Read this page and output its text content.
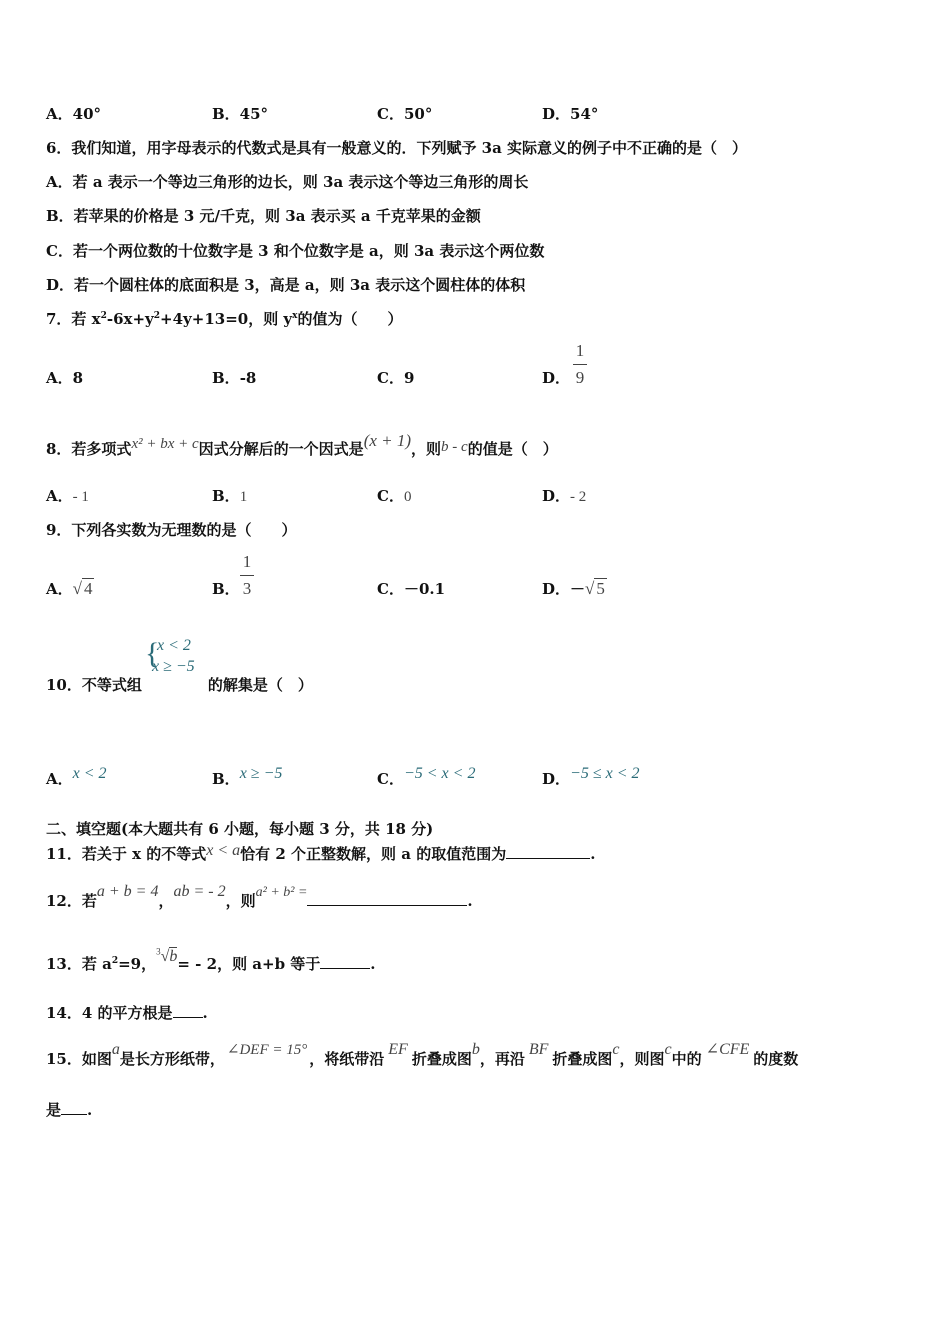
A．40°	B．45°	C．50°	D．54°
6．我们知道，用字母表示的代数式是具有一般意义的．下列赋予 3a 实际意义的例子中不正确的是（　）
A．若 a 表示一个等边三角形的边长，则 3a 表示这个等边三角形的周长
B．若苹果的价格是 3 元/千克，则 3a 表示买 a 千克苹果的金额
C．若一个两位数的十位数字是 3 和个位数字是 a，则 3a 表示这个两位数
D．若一个圆柱体的底面积是 3，高是 a，则 3a 表示这个圆柱体的体积
7．若 $x^2-6x+y^2+4y+13=0$，则 $y^x$的值为（　　）
A．8	B．-8	C．9	D．
1
9
8．若多项式x² + bx + c因式分解后的一个因式是(x + 1)，则b - c的值是（　）
A．- 1	B．1	C．0	D．- 2
9．下列各实数为无理数的是（　　）
A．√ 4	B．
1
3	C．－0.1	D．－√ 5
{
x < 2
x ≥ −5
10．不等式组	的解集是（　）
A．x < 2	B．x ≥ −5	C．−5 < x < 2	D．−5 ≤ x < 2
二、填空题(本大题共有 6 小题，每小题 3 分，共 18 分)
11．若关于 x 的不等式x < a恰有 2 个正整数解，则 a 的取值范围为	.
12．若a + b = 4，ab = - 2，则a² + b² =	.
13．若 $a^2=9$，$^3$√b= - 2，则 a+b 等于	.
14．4 的平方根是 .
15．如图a是长方形纸带， ∠DEF = 15° ，将纸带沿EF折叠成图b，再沿BF折叠成图c，则图c中的∠CFE的度数
是 .
